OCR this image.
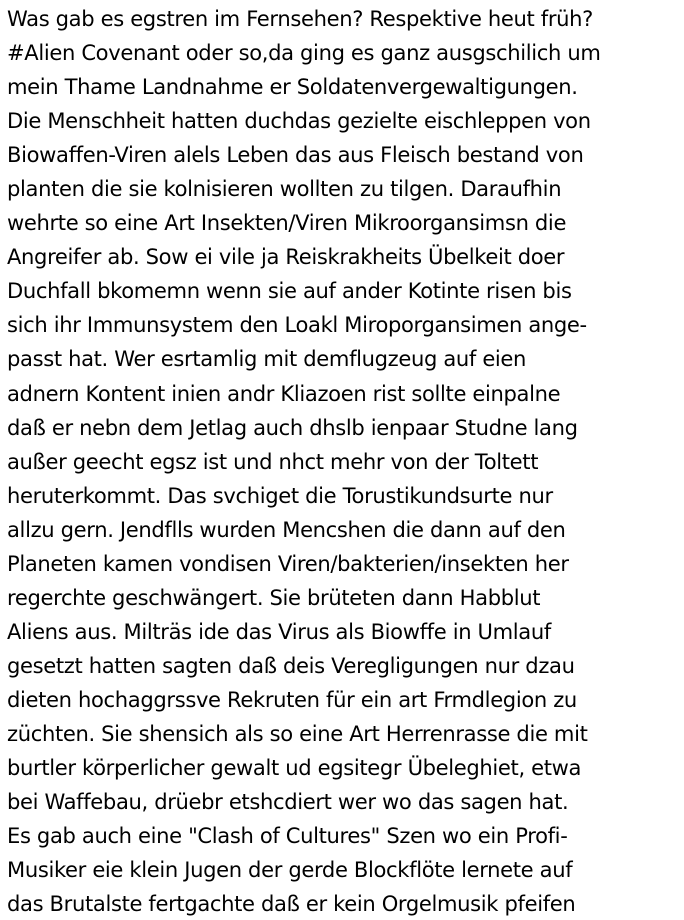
Was gab es egstren im Fernsehen? Respektive heut früh?
#Alien Covenant oder so,da ging es ganz ausgschilich um
mein Thame Landnahme er Soldatenvergewaltigungen.
Die Menschheit hatten duchdas gezielte eischleppen von
Biowaffen-Viren alels Leben das aus Fleisch bestand von
planten die sie kolnisieren wollten zu tilgen. Daraufhin
wehrte so eine Art Insekten/Viren Mikroorgansimsn die
Angreifer ab. Sow ei vile ja Reiskrakheits Übelkeit doer
Duchfall bkomemn wenn sie auf ander Kotinte risen bis
sich ihr Immunsystem den Loakl Miroporgansimen ange-
passt hat. Wer esrtamlig mit demflugzeug auf eien
adnern Kontent inien andr Kliazoen rist sollte einpalne
daß er nebn dem Jetlag auch dhslb ienpaar Studne lang
außer geecht egsz ist und nhct mehr von der Toltett
heruterkommt. Das svchiget die Torustikundsurte nur
allzu gern. Jendflls wurden Mencshen die dann auf den
Planeten kamen vondisen Viren/bakterien/insekten her
regerchte geschwängert. Sie brüteten dann Habblut
Aliens aus. Milträs ide das Virus als Biowffe in Umlauf
gesetzt hatten sagten daß deis Veregligungen nur dzau
dieten hochaggrssve Rekruten für ein art Frmdlegion zu
züchten. Sie shensich als so eine Art Herrenrasse die mit
burtler körperlicher gewalt ud egsitegr Übeleghiet, etwa
bei Waffebau, drüebr etshcdiert wer wo das sagen hat.
Es gab auch eine "Clash of Cultures" Szen wo ein Profi-
Musiker eie klein Jugen der gerde Blockflöte lernete auf
das Brutalste fertgachte daß er kein Orgelmusik pfeifen
